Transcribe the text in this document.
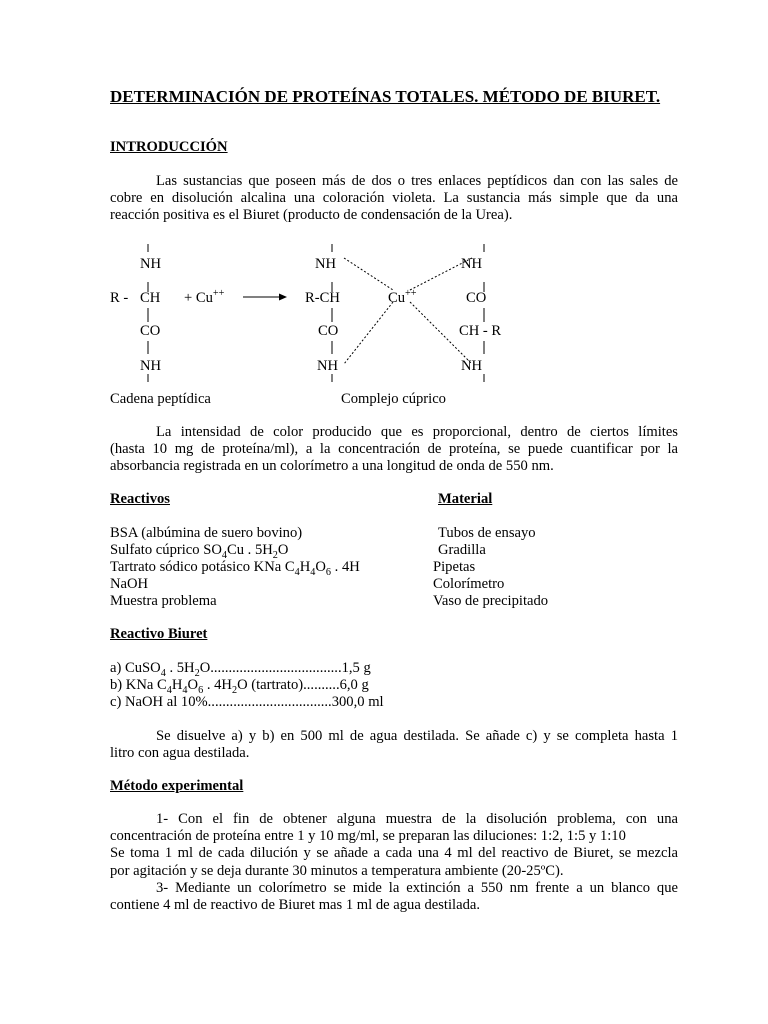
DETERMINACIÓN DE PROTEÍNAS TOTALES. MÉTODO DE BIURET.
INTRODUCCIÓN
Las sustancias que poseen más de dos o tres enlaces peptídicos dan con las sales de
cobre en disolución alcalina una coloración violeta. La sustancia más simple que da una
reacción positiva es el Biuret (producto de condensación de la Urea).
NH
R - CH + Cu++
CO
NH
NH
R-CH
CO
NH
Cu++
NH
CO
CH - R
NH
Cadena peptídica	Complejo cúprico
La intensidad de color producido que es proporcional, dentro de ciertos límites
(hasta 10 mg de proteína/ml), a la concentración de proteína, se puede cuantificar por la
absorbancia registrada en un colorímetro a una longitud de onda de 550 nm.
Reactivos	Material
BSA (albúmina de suero bovino)
Sulfato cúprico $SO_4Cu$ . $5H_2O$
Tartrato sódico potásico KNa $C_4H_4O_6$ . 4H
NaOH
Muestra problema
Tubos de ensayo
Gradilla
Pipetas
Colorímetro
Vaso de precipitado
Reactivo Biuret
a) CuSO$_4$ . $5H_2O....................................1,5$ g
b) KNa $C_4H_4O_6$ . $4H_2O$ (tartrato)..........6,0 g
c) NaOH al 10%..................................300,0 ml
Se disuelve a) y b) en 500 ml de agua destilada. Se añade c) y se completa hasta 1
litro con agua destilada.
Método experimental
1- Con el fin de obtener alguna muestra de la disolución problema, con una
concentración de proteína entre 1 y 10 mg/ml, se preparan las diluciones: 1:2, 1:5 y 1:10
Se toma 1 ml de cada dilución y se añade a cada una 4 ml del reactivo de Biuret, se mezcla
por agitación y se deja durante 30 minutos a temperatura ambiente (20-25ºC).
3- Mediante un colorímetro se mide la extinción a 550 nm frente a un blanco que
contiene 4 ml de reactivo de Biuret mas 1 ml de agua destilada.
